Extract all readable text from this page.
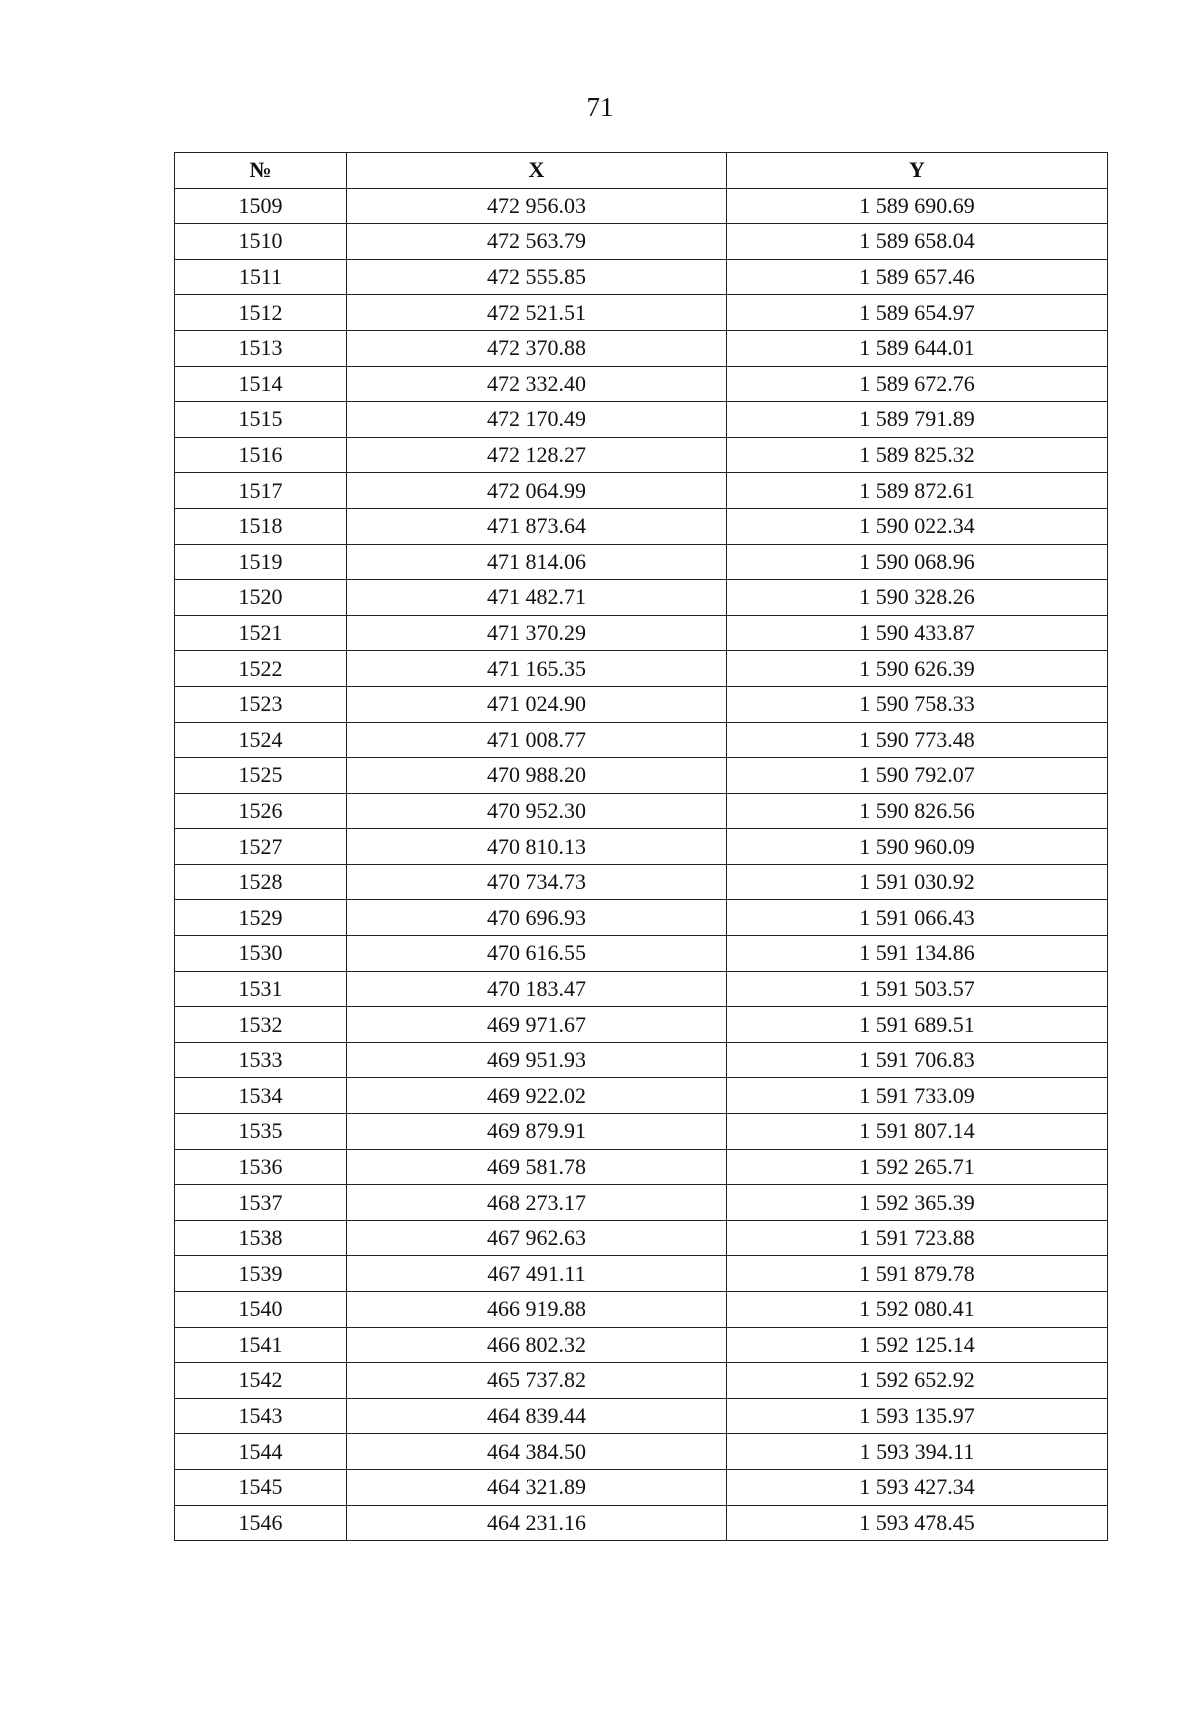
71
№	X	Y
1509	472 956.03	1 589 690.69
1510	472 563.79	1 589 658.04
1511	472 555.85	1 589 657.46
1512	472 521.51	1 589 654.97
1513	472 370.88	1 589 644.01
1514	472 332.40	1 589 672.76
1515	472 170.49	1 589 791.89
1516	472 128.27	1 589 825.32
1517	472 064.99	1 589 872.61
1518	471 873.64	1 590 022.34
1519	471 814.06	1 590 068.96
1520	471 482.71	1 590 328.26
1521	471 370.29	1 590 433.87
1522	471 165.35	1 590 626.39
1523	471 024.90	1 590 758.33
1524	471 008.77	1 590 773.48
1525	470 988.20	1 590 792.07
1526	470 952.30	1 590 826.56
1527	470 810.13	1 590 960.09
1528	470 734.73	1 591 030.92
1529	470 696.93	1 591 066.43
1530	470 616.55	1 591 134.86
1531	470 183.47	1 591 503.57
1532	469 971.67	1 591 689.51
1533	469 951.93	1 591 706.83
1534	469 922.02	1 591 733.09
1535	469 879.91	1 591 807.14
1536	469 581.78	1 592 265.71
1537	468 273.17	1 592 365.39
1538	467 962.63	1 591 723.88
1539	467 491.11	1 591 879.78
1540	466 919.88	1 592 080.41
1541	466 802.32	1 592 125.14
1542	465 737.82	1 592 652.92
1543	464 839.44	1 593 135.97
1544	464 384.50	1 593 394.11
1545	464 321.89	1 593 427.34
1546	464 231.16	1 593 478.45
